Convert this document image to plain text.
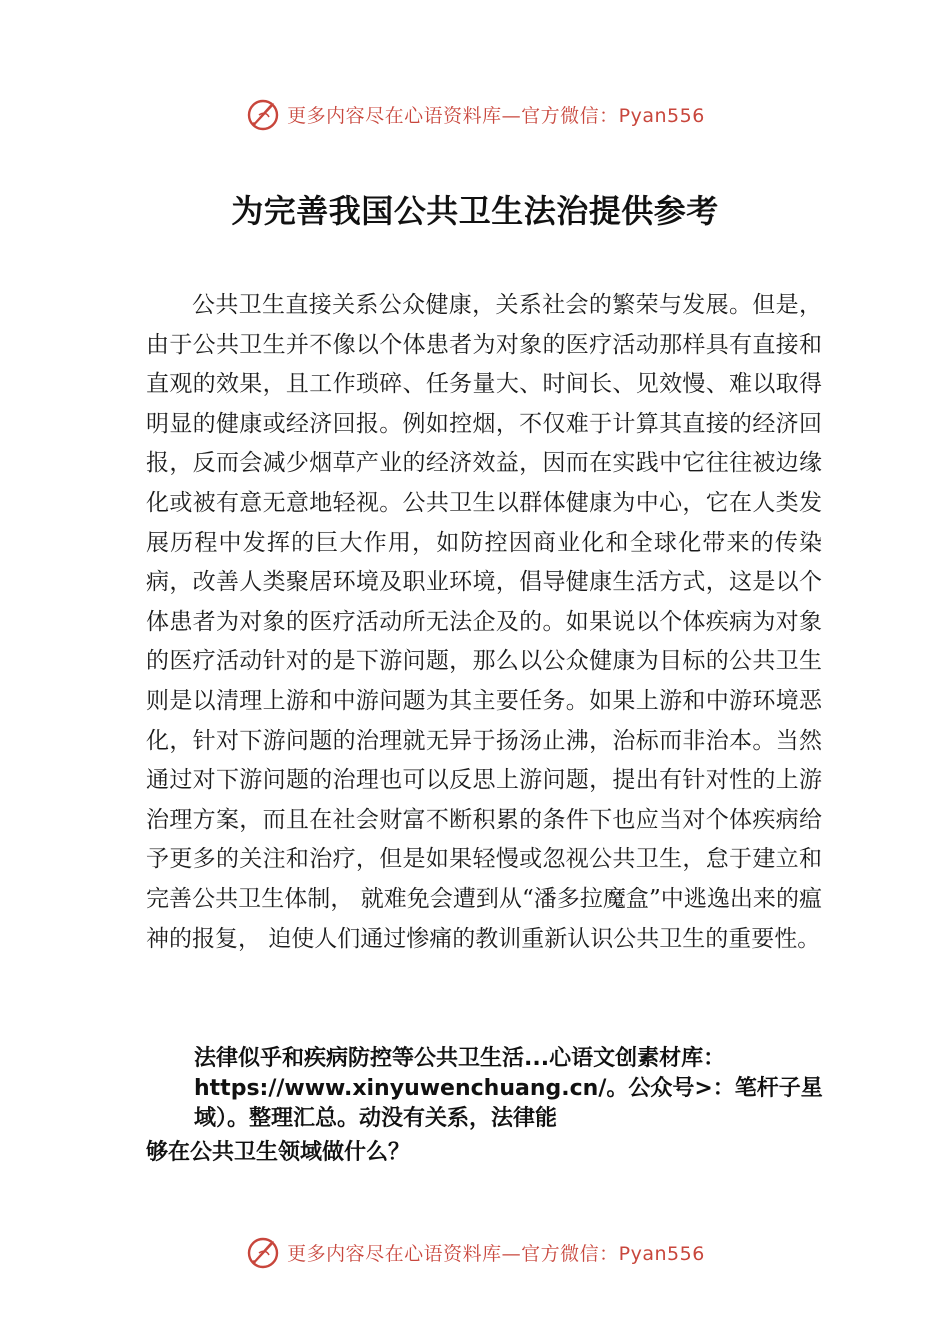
更多内容尽在心语资料库—官方微信：Pyan556
为完善我国公共卫生法治提供参考

公共卫生直接关系公众健康，关系社会的繁荣与发展。但是，由于公共卫生并不像以个体患者为对象的医疗活动那样具有直接和直观的效果，且工作琐碎、任务量大、时间长、见效慢、难以取得明显的健康或经济回报。例如控烟，不仅难于计算其直接的经济回报，反而会减少烟草产业的经济效益，因而在实践中它往往被边缘化或被有意无意地轻视。公共卫生以群体健康为中心，它在人类发展历程中发挥的巨大作用，如防控因商业化和全球化带来的传染病，改善人类聚居环境及职业环境，倡导健康生活方式，这是以个体患者为对象的医疗活动所无法企及的。如果说以个体疾病为对象的医疗活动针对的是下游问题，那么以公众健康为目标的公共卫生则是以清理上游和中游问题为其主要任务。如果上游和中游环境恶化，针对下游问题的治理就无异于扬汤止沸，治标而非治本。当然通过对下游问题的治理也可以反思上游问题，提出有针对性的上游治理方案，而且在社会财富不断积累的条件下也应当对个体疾病给予更多的关注和治疗，但是如果轻慢或忽视公共卫生，怠于建立和完善公共卫生体制， 就难免会遭到从“潘多拉魔盒”中逃逸出来的瘟神的报复， 迫使人们通过惨痛的教训重新认识公共卫生的重要性。

法律似乎和疾病防控等公共卫生活...心语文创素材库：https://www.xinyuwenchuang.cn/。公众号>：笔杆子星域）。整理汇总。动没有关系，法律能
够在公共卫生领域做什么？
更多内容尽在心语资料库—官方微信：Pyan556
